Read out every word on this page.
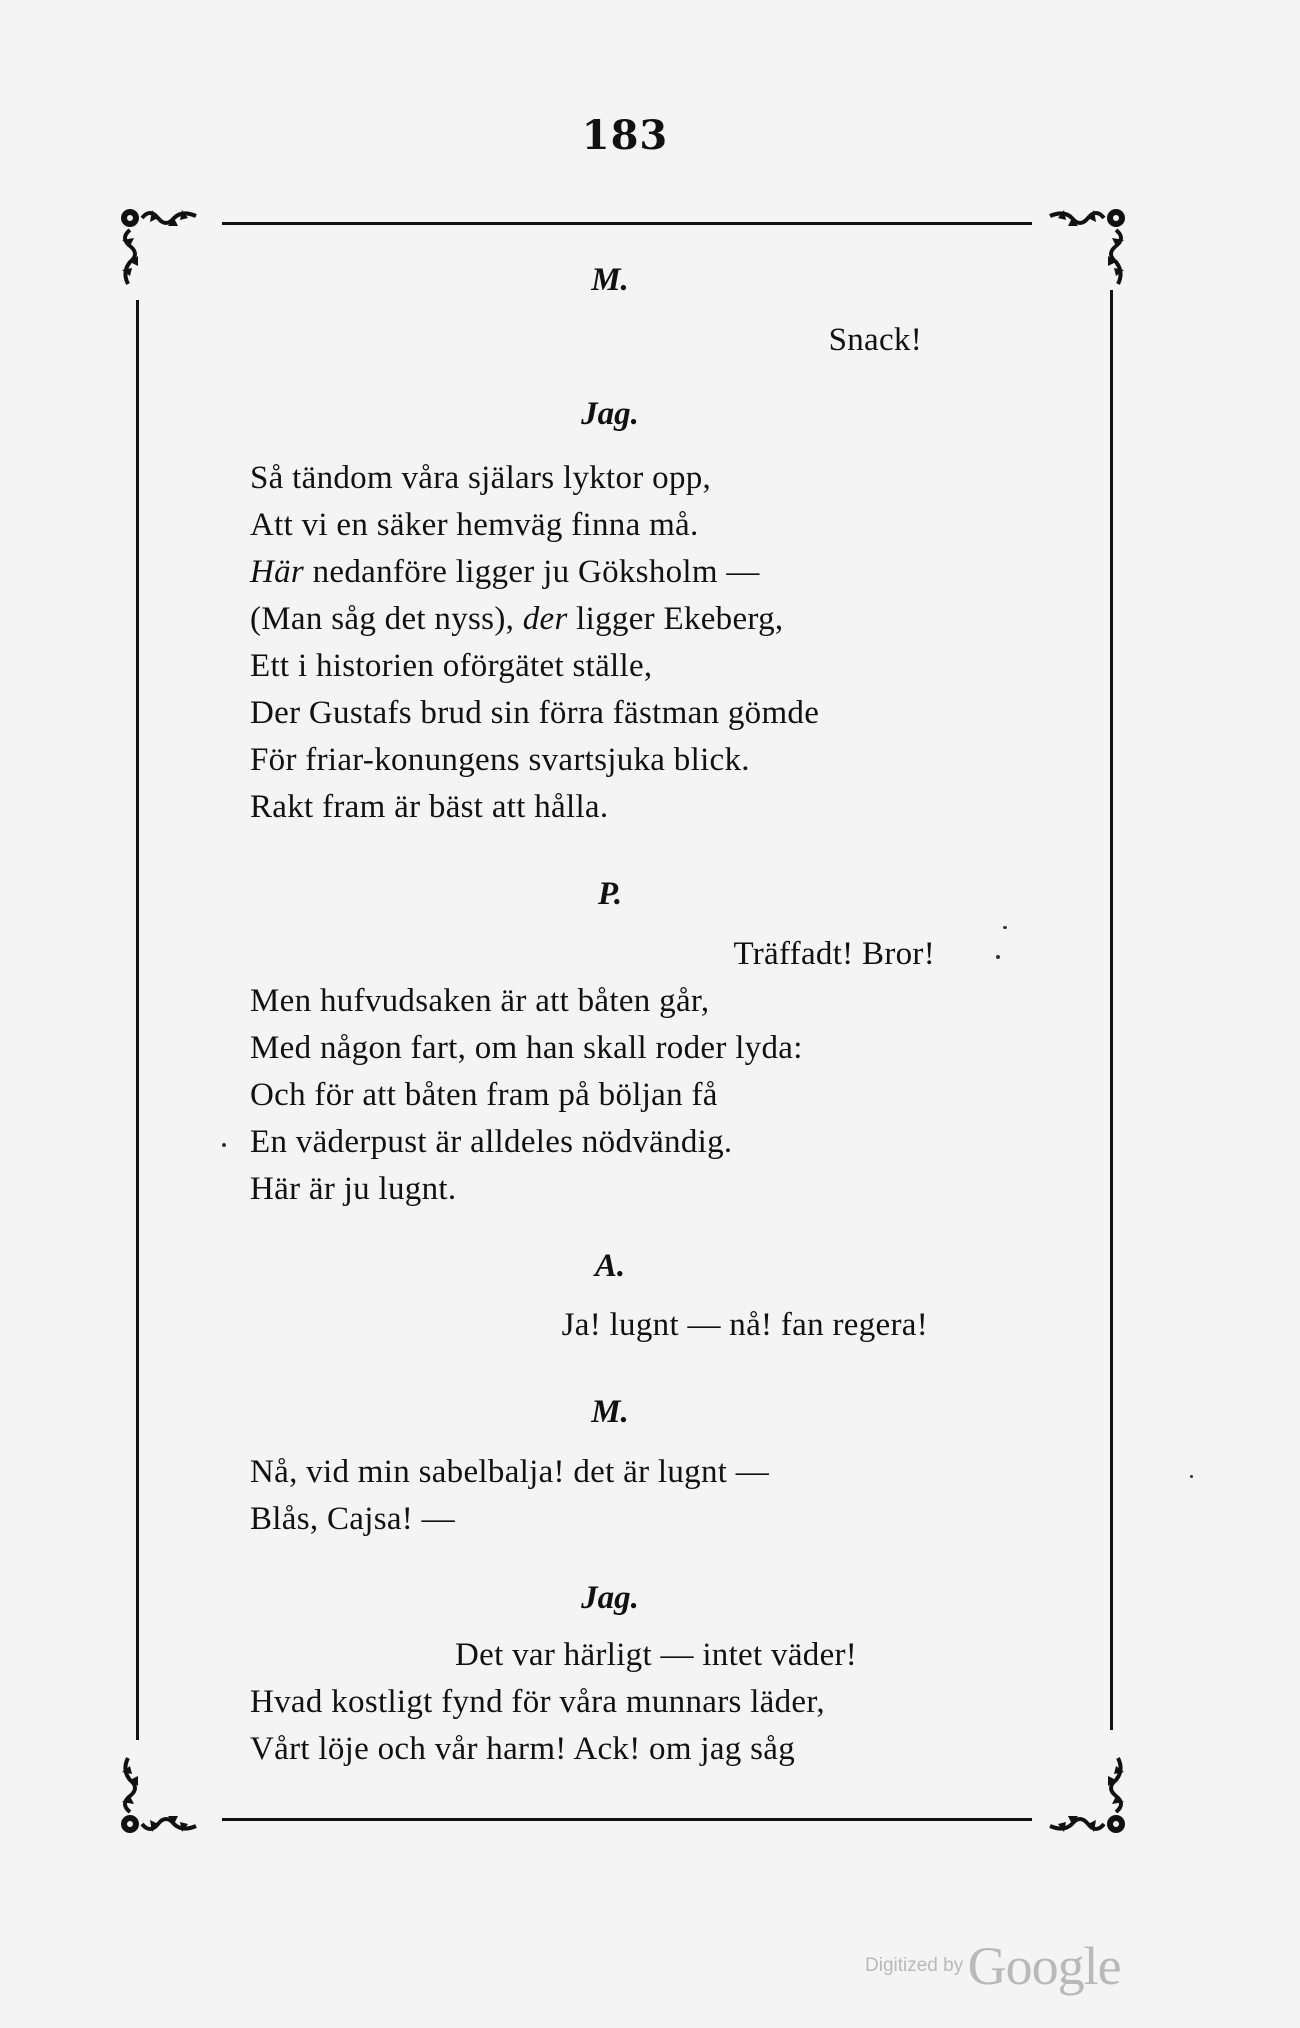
183
M.
Snack!
Jag.
Så tändom våra själars lyktor opp,
Att vi en säker hemväg finna må.
Här nedanföre ligger ju Göksholm —
(Man såg det nyss), der ligger Ekeberg,
Ett i historien oförgätet ställe,
Der Gustafs brud sin förra fästman gömde
För friar-konungens svartsjuka blick.
Rakt fram är bäst att hålla.
P.
Träffadt! Bror!
Men hufvudsaken är att båten går,
Med någon fart, om han skall roder lyda:
Och för att båten fram på böljan få
En väderpust är alldeles nödvändig.
Här är ju lugnt.
A.
Ja! lugnt — nå! fan regera!
M.
Nå, vid min sabelbalja! det är lugnt —
Blås, Cajsa! —
Jag.
Det var härligt — intet väder!
Hvad kostligt fynd för våra munnars läder,
Vårt löje och vår harm! Ack! om jag såg
Digitized by Google
